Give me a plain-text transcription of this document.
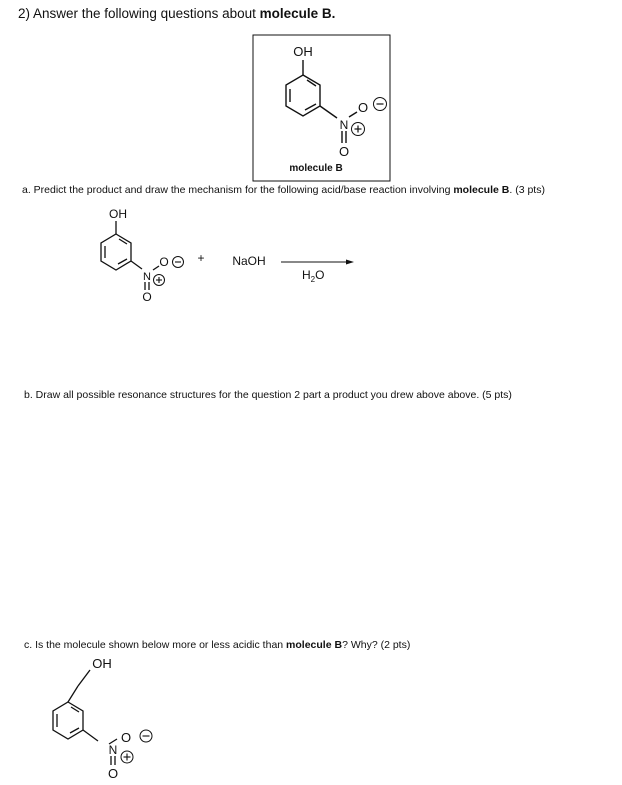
2) Answer the following questions about molecule B.
a. Predict the product and draw the mechanism for the following acid/base reaction involving molecule B. (3 pts)
b. Draw all possible resonance structures for the question 2 part a product you drew above above. (5 pts)
c. Is the molecule shown below more or less acidic than molecule B? Why? (2 pts)
OH
N
O
O
molecule B
OH
N
O
O
+ NaOH
$H_2O$
OH
N
O
O
